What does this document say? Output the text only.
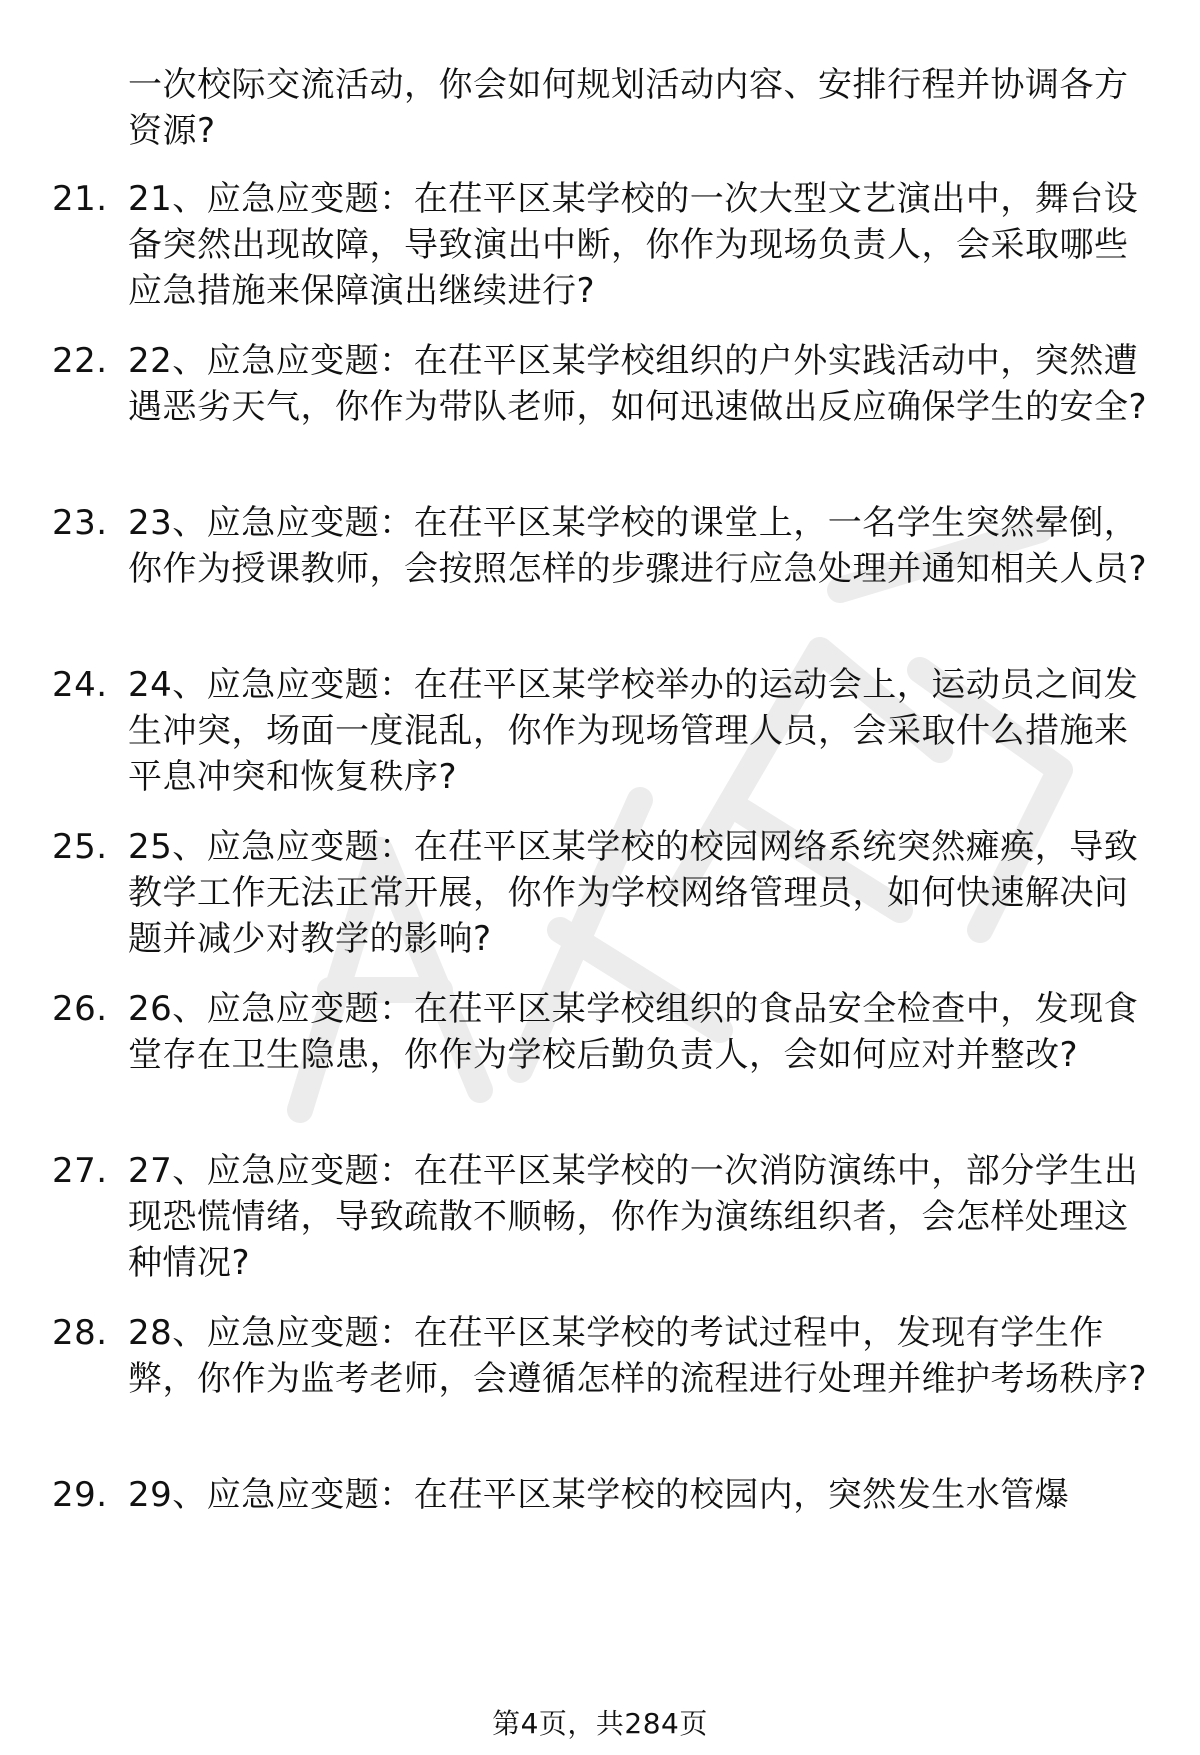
一次校际交流活动，你会如何规划活动内容、安排行程并协调各方资源?

21. 21、应急应变题：在茌平区某学校的一次大型文艺演出中，舞台设备突然出现故障，导致演出中断，你作为现场负责人，会采取哪些应急措施来保障演出继续进行?

22. 22、应急应变题：在茌平区某学校组织的户外实践活动中，突然遭遇恶劣天气，你作为带队老师，如何迅速做出反应确保学生的安全?

23. 23、应急应变题：在茌平区某学校的课堂上，一名学生突然晕倒，你作为授课教师，会按照怎样的步骤进行应急处理并通知相关人员?

24. 24、应急应变题：在茌平区某学校举办的运动会上，运动员之间发生冲突，场面一度混乱，你作为现场管理人员，会采取什么措施来平息冲突和恢复秩序?

25. 25、应急应变题：在茌平区某学校的校园网络系统突然瘫痪，导致教学工作无法正常开展，你作为学校网络管理员，如何快速解决问题并减少对教学的影响?

26. 26、应急应变题：在茌平区某学校组织的食品安全检查中，发现食堂存在卫生隐患，你作为学校后勤负责人，会如何应对并整改?

27. 27、应急应变题：在茌平区某学校的一次消防演练中，部分学生出现恐慌情绪，导致疏散不顺畅，你作为演练组织者，会怎样处理这种情况?

28. 28、应急应变题：在茌平区某学校的考试过程中，发现有学生作弊，你作为监考老师，会遵循怎样的流程进行处理并维护考场秩序?

29. 29、应急应变题：在茌平区某学校的校园内，突然发生水管爆

第4页，共284页
